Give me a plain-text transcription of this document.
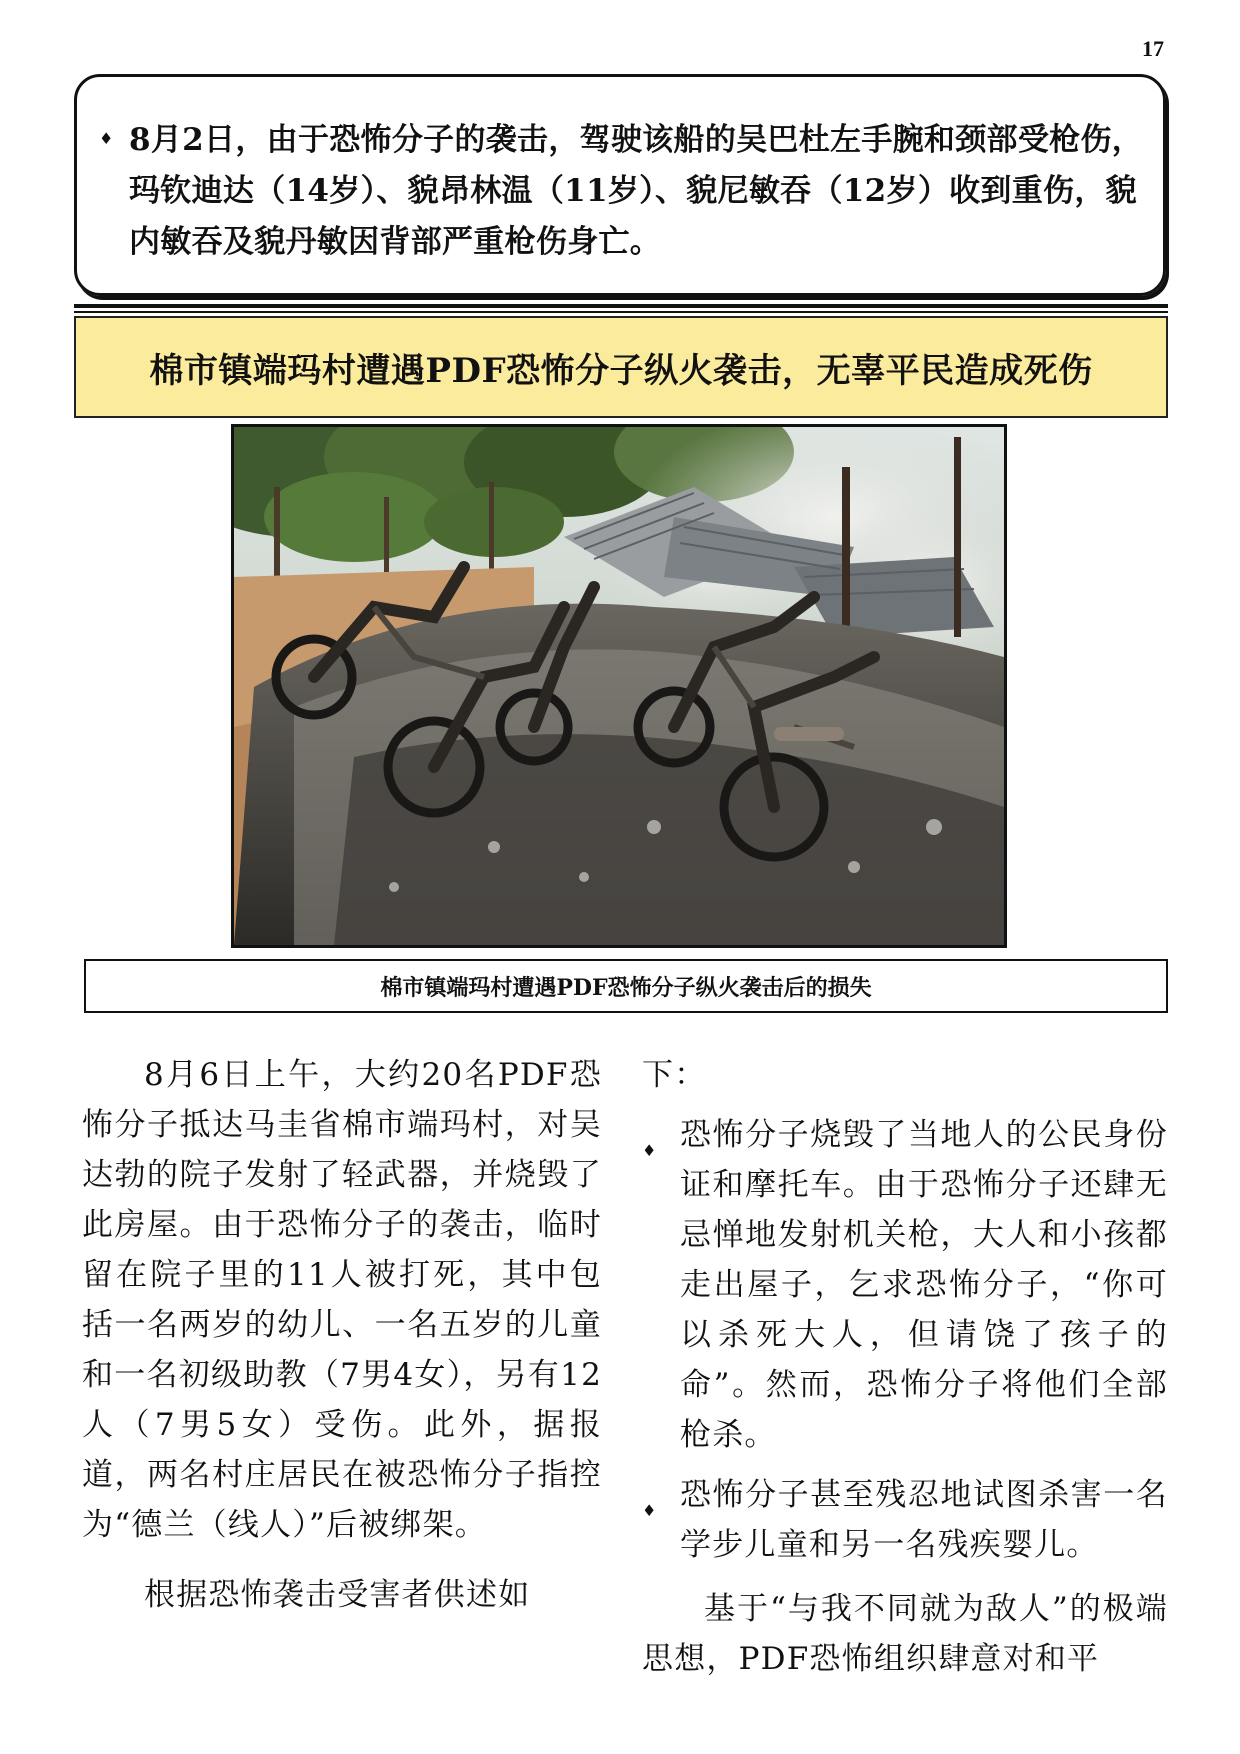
17
♦ 8月2日，由于恐怖分子的袭击，驾驶该船的吴巴杜左手腕和颈部受枪伤，玛钦迪达（14岁）、貌昂林温（11岁）、貌尼敏吞（12岁）收到重伤，貌内敏吞及貌丹敏因背部严重枪伤身亡。
棉市镇端玛村遭遇PDF恐怖分子纵火袭击，无辜平民造成死伤
棉市镇端玛村遭遇PDF恐怖分子纵火袭击后的损失

8月6日上午，大约20名PDF恐怖分子抵达马圭省棉市端玛村，对吴达勃的院子发射了轻武器，并烧毁了此房屋。由于恐怖分子的袭击，临时留在院子里的11人被打死，其中包括一名两岁的幼儿、一名五岁的儿童和一名初级助教（7男4女），另有12人（7男5女）受伤。此外，据报道，两名村庄居民在被恐怖分子指控为“德兰（线人）”后被绑架。

根据恐怖袭击受害者供述如

下：

♦ 恐怖分子烧毁了当地人的公民身份证和摩托车。由于恐怖分子还肆无忌惮地发射机关枪，大人和小孩都走出屋子，乞求恐怖分子，“你可以杀死大人，但请饶了孩子的命”。然而，恐怖分子将他们全部枪杀。
♦ 恐怖分子甚至残忍地试图杀害一名学步儿童和另一名残疾婴儿。

基于“与我不同就为敌人”的极端思想，PDF恐怖组织肆意对和平
